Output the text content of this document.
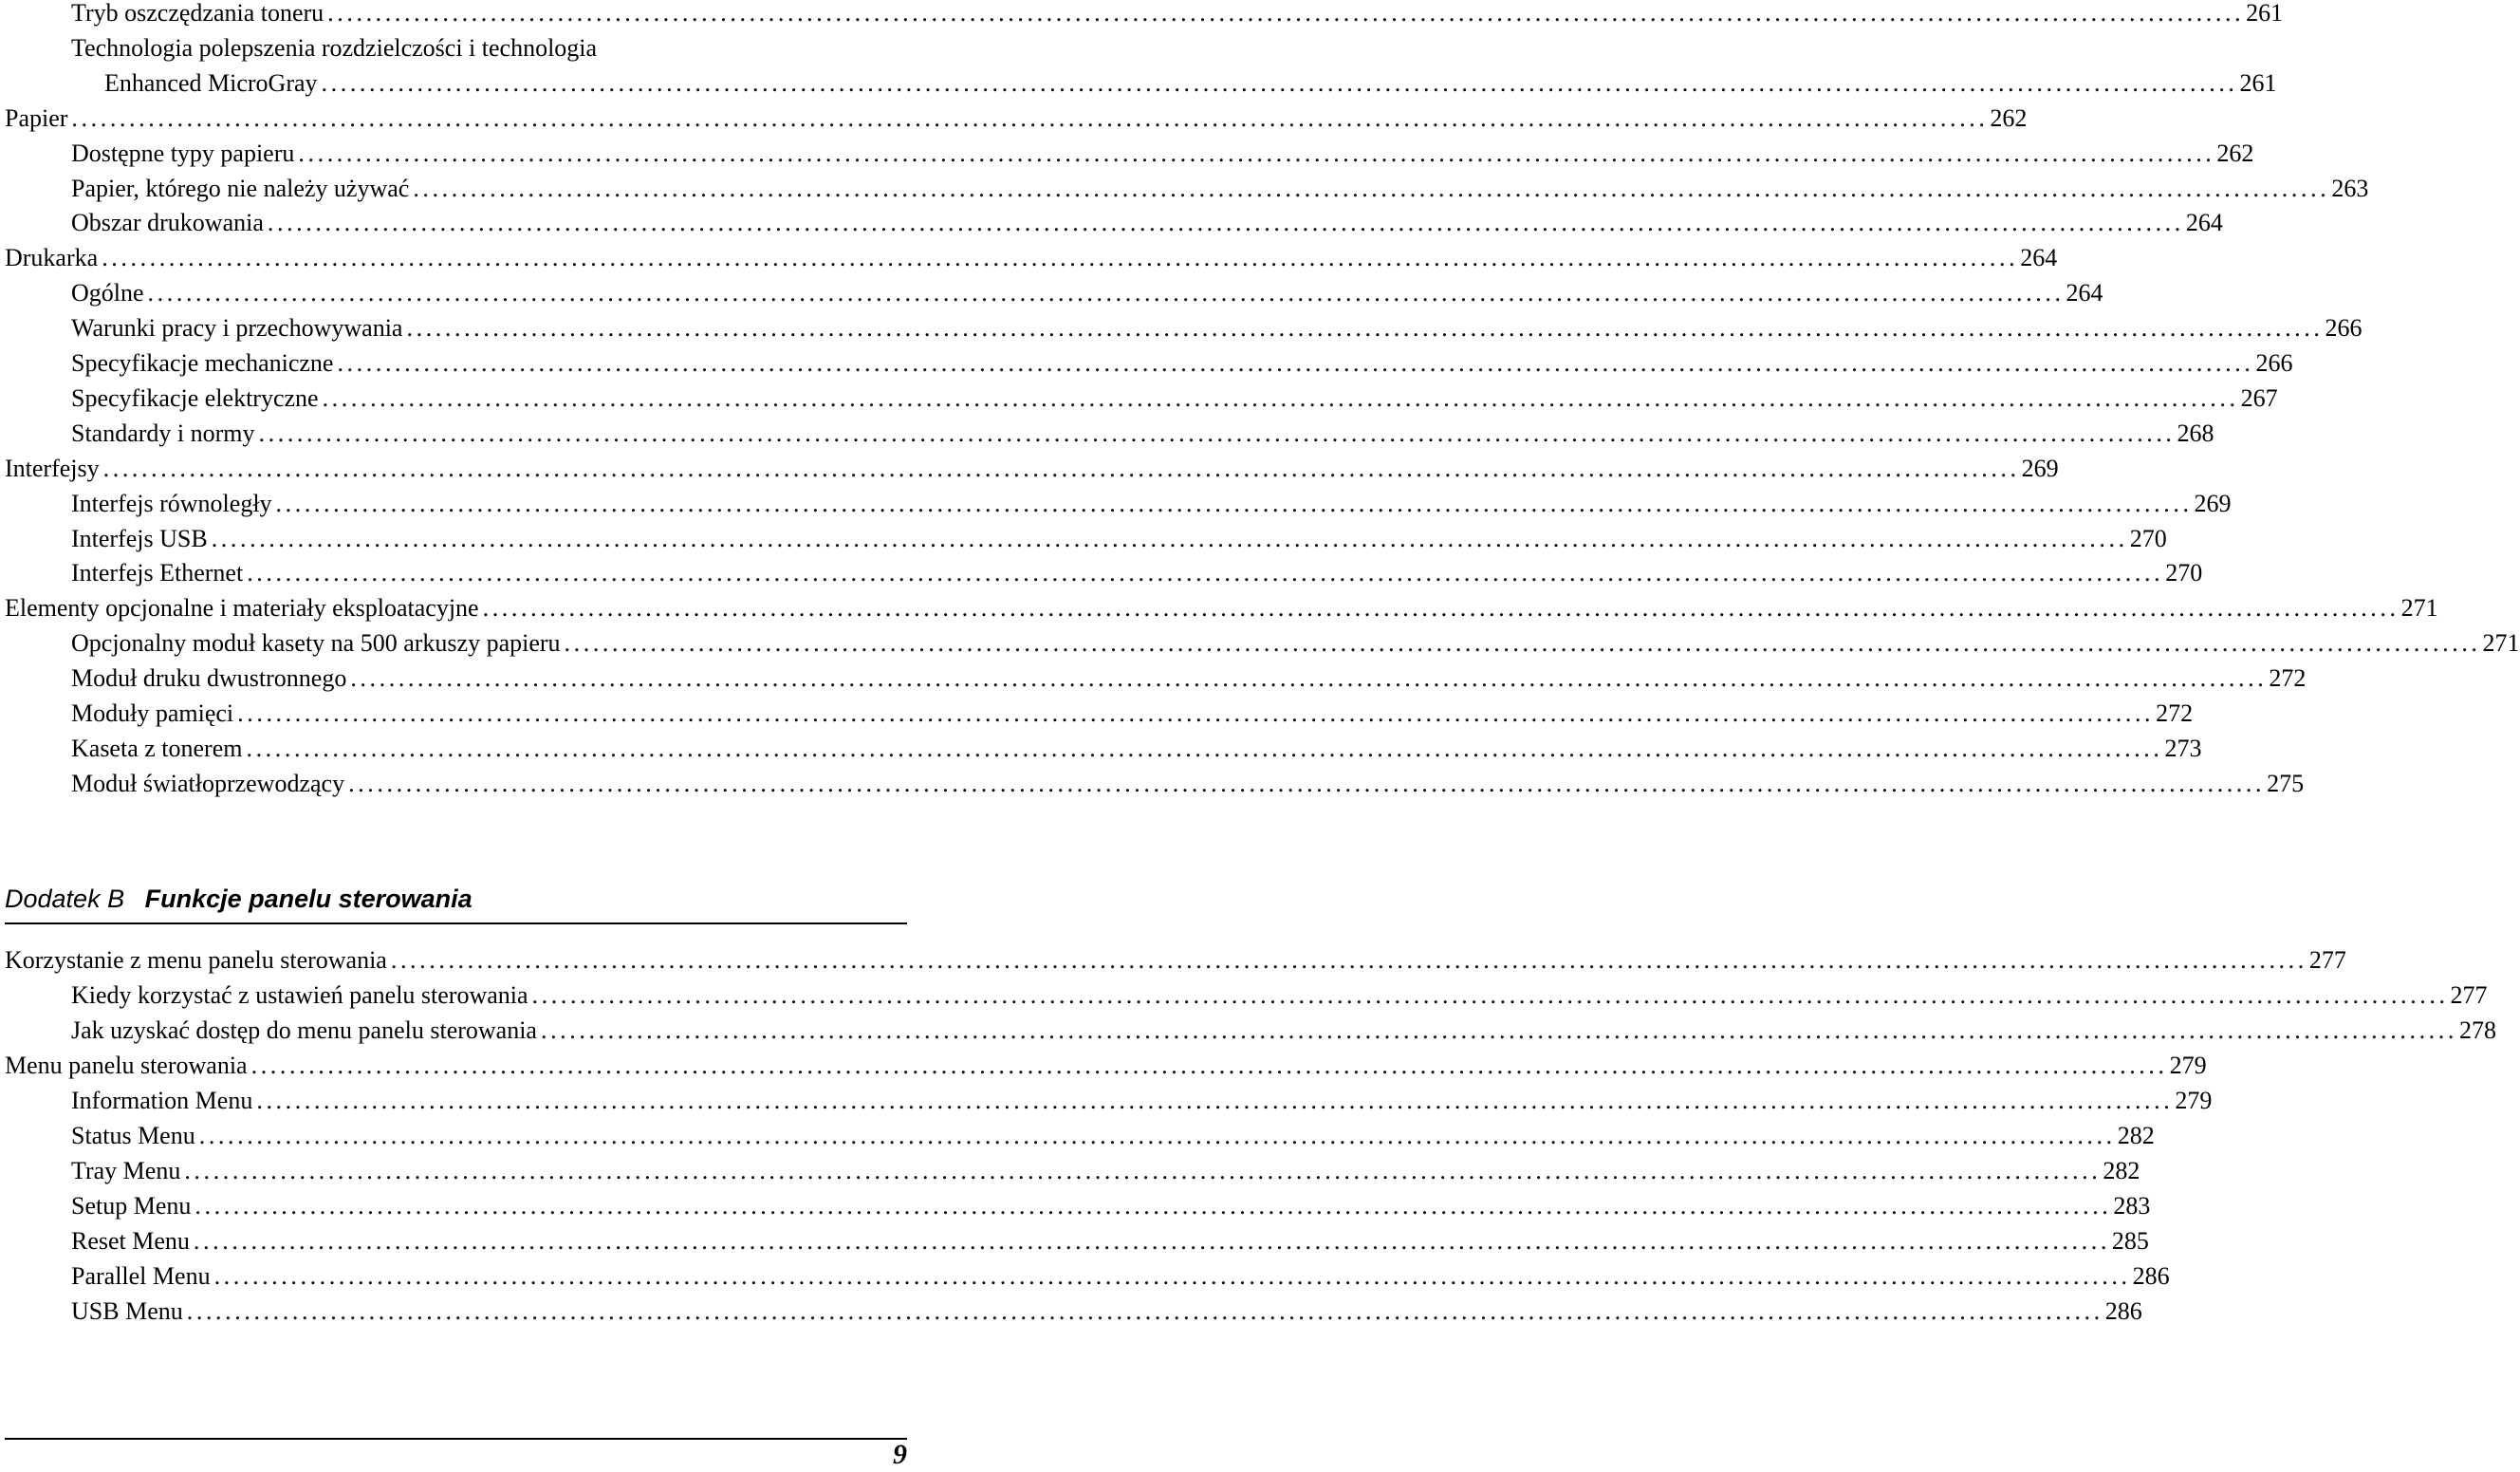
Tryb oszczędzania toneru ........................................................................................................................................................................................................ 261
Technologia polepszenia rozdzielczości i technologia
Enhanced MicroGray ........................................................................................................................................................................................................ 261
Papier ........................................................................................................................................................................................................ 262
Dostępne typy papieru ........................................................................................................................................................................................................ 262
Papier, którego nie należy używać ........................................................................................................................................................................................................ 263
Obszar drukowania ........................................................................................................................................................................................................ 264
Drukarka ........................................................................................................................................................................................................ 264
Ogólne ........................................................................................................................................................................................................ 264
Warunki pracy i przechowywania ........................................................................................................................................................................................................ 266
Specyfikacje mechaniczne ........................................................................................................................................................................................................ 266
Specyfikacje elektryczne ........................................................................................................................................................................................................ 267
Standardy i normy ........................................................................................................................................................................................................ 268
Interfejsy ........................................................................................................................................................................................................ 269
Interfejs równoległy ........................................................................................................................................................................................................ 269
Interfejs USB ........................................................................................................................................................................................................ 270
Interfejs Ethernet ........................................................................................................................................................................................................ 270
Elementy opcjonalne i materiały eksploatacyjne ........................................................................................................................................................................................................ 271
Opcjonalny moduł kasety na 500 arkuszy papieru ........................................................................................................................................................................................................ 271
Moduł druku dwustronnego ........................................................................................................................................................................................................ 272
Moduły pamięci ........................................................................................................................................................................................................ 272
Kaseta z tonerem ........................................................................................................................................................................................................ 273
Moduł światłoprzewodzący ........................................................................................................................................................................................................ 275
Dodatek B Funkcje panelu sterowania
Korzystanie z menu panelu sterowania ........................................................................................................................................................................................................ 277
Kiedy korzystać z ustawień panelu sterowania ........................................................................................................................................................................................................ 277
Jak uzyskać dostęp do menu panelu sterowania ........................................................................................................................................................................................................ 278
Menu panelu sterowania ........................................................................................................................................................................................................ 279
Information Menu ........................................................................................................................................................................................................ 279
Status Menu ........................................................................................................................................................................................................ 282
Tray Menu ........................................................................................................................................................................................................ 282
Setup Menu ........................................................................................................................................................................................................ 283
Reset Menu ........................................................................................................................................................................................................ 285
Parallel Menu ........................................................................................................................................................................................................ 286
USB Menu ........................................................................................................................................................................................................ 286
9
